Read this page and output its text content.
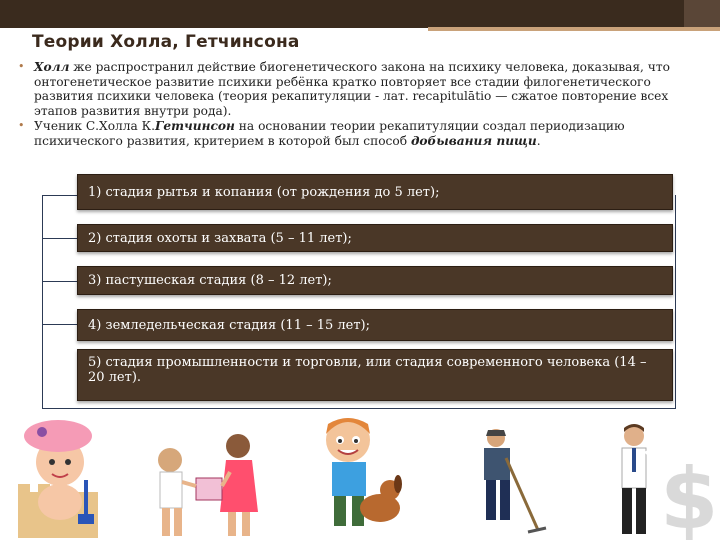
Теории Холла, Гетчинсона
• Холл же распространил действие биогенетического закона на психику человека, доказывая, что онтогенетическое развитие психики ребёнка кратко повторяет все стадии филогенетического развития психики человека (теория рекапитуляции - лат. recapitulātio — сжатое повторение всех этапов развития внутри рода).
• Ученик С.Холла К.Гетчинсон на основании теории рекапитуляции создал периодизацию психического развития, критерием в которой был способ добывания пищи.
1) стадия рытья и копания (от рождения до 5 лет);
2) стадия охоты и захвата (5 – 11 лет);
3) пастушеская стадия (8 – 12 лет);
4) земледельческая стадия (11 – 15 лет);
5) стадия промышленности и торговли, или стадия современного человека (14 – 20 лет).
$
